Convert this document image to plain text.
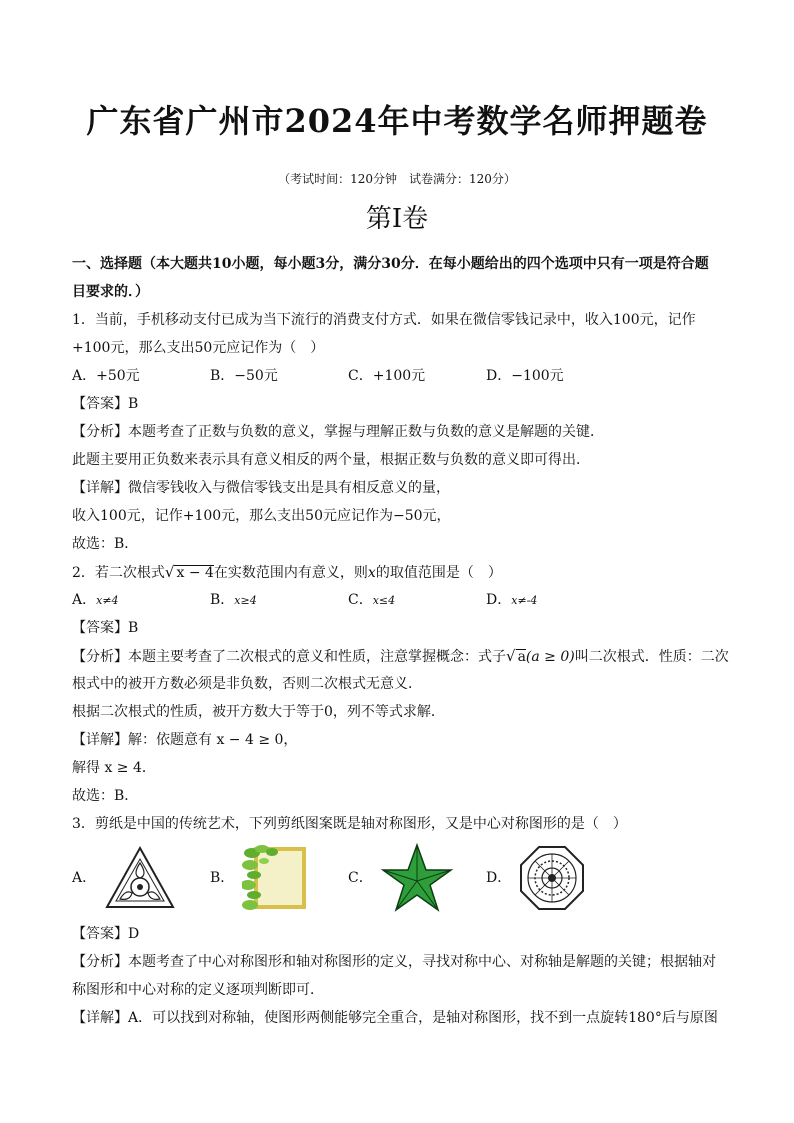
广东省广州市2024年中考数学名师押题卷
（考试时间：120分钟　试卷满分：120分）
第Ⅰ卷
一、选择题（本大题共10小题，每小题3分，满分30分．在每小题给出的四个选项中只有一项是符合题
目要求的．）
1．当前，手机移动支付已成为当下流行的消费支付方式．如果在微信零钱记录中，收入100元，记作
+100元，那么支出50元应记作为（　）
A．+50元	B．−50元	C．+100元	D．−100元
【答案】B
【分析】本题考查了正数与负数的意义，掌握与理解正数与负数的意义是解题的关键．
此题主要用正负数来表示具有意义相反的两个量，根据正数与负数的意义即可得出．
【详解】微信零钱收入与微信零钱支出是具有相反意义的量，
收入100元，记作+100元，那么支出50元应记作为−50元，
故选：B．
2．若二次根式√ x − 4在实数范围内有意义，则x的取值范围是（　）
A．x≠4	B．x≥4	C．x≤4	D．x≠-4
【答案】B
【分析】本题主要考查了二次根式的意义和性质，注意掌握概念：式子√ a(a ≥ 0)叫二次根式．性质：二次
根式中的被开方数必须是非负数，否则二次根式无意义．
根据二次根式的性质，被开方数大于等于0，列不等式求解．
【详解】解：依题意有 x − 4 ≥ 0，
解得 x ≥ 4．
故选：B．
3．剪纸是中国的传统艺术，下列剪纸图案既是轴对称图形，又是中心对称图形的是（　）
A．	B．	C．	D．
【答案】D
【分析】本题考查了中心对称图形和轴对称图形的定义，寻找对称中心、对称轴是解题的关键；根据轴对
称图形和中心对称的定义逐项判断即可．
【详解】A．可以找到对称轴，使图形两侧能够完全重合，是轴对称图形，找不到一点旋转180°后与原图
